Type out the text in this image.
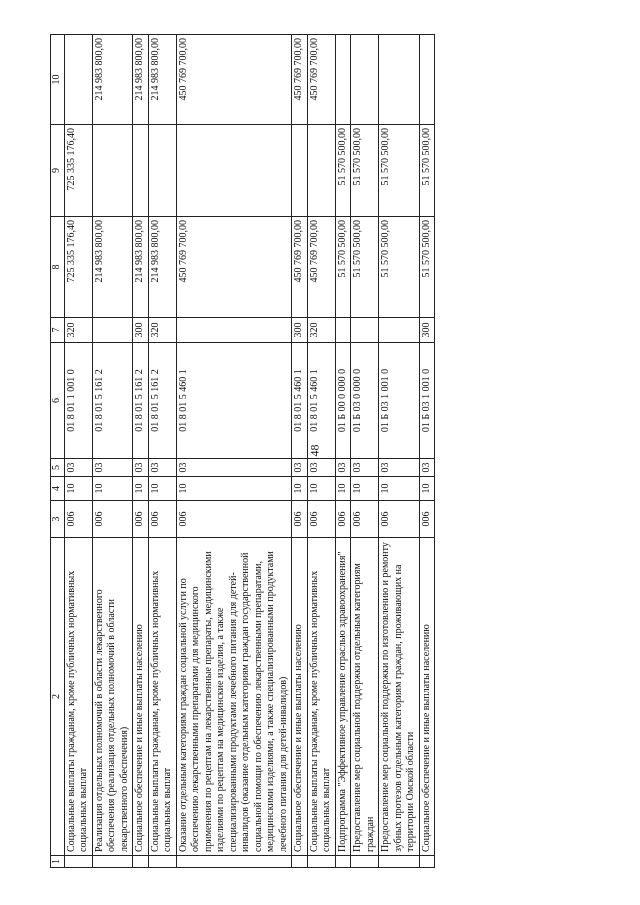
48
1	2	3	4	5	6	7	8	9	10
	Социальные выплаты гражданам, кроме публичных нормативных социальных выплат	006	10	03	01 8 01 1 001 0	320	725 335 176,40	725 335 176,40	
	Реализация отдельных полномочий в области лекарственного обеспечения (реализация отдельных полномочий в области лекарственного обеспечения)	006	10	03	01 8 01 5 161 2		214 983 800,00		214 983 800,00
	Социальное обеспечение и иные выплаты населению	006	10	03	01 8 01 5 161 2	300	214 983 800,00		214 983 800,00
	Социальные выплаты гражданам, кроме публичных нормативных социальных выплат	006	10	03	01 8 01 5 161 2	320	214 983 800,00		214 983 800,00
	Оказание отдельным категориям граждан социальной услуги по обеспечению лекарственными препаратами для медицинского применения по рецептам на лекарственные препараты, медицинскими изделиями по рецептам на медицинские изделия, а также специализированными продуктами лечебного питания для детей-инвалидов (оказание отдельным категориям граждан государственной социальной помощи по обеспечению лекарственными препаратами, медицинскими изделиями, а также специализированными продуктами лечебного питания для детей-инвалидов)	006	10	03	01 8 01 5 460 1		450 769 700,00		450 769 700,00
	Социальное обеспечение и иные выплаты населению	006	10	03	01 8 01 5 460 1	300	450 769 700,00		450 769 700,00
	Социальные выплаты гражданам, кроме публичных нормативных социальных выплат	006	10	03	01 8 01 5 460 1	320	450 769 700,00		450 769 700,00
	Подпрограмма "Эффективное управление отраслью здравоохранения"	006	10	03	01 Б 00 0 000 0		51 570 500,00	51 570 500,00	
	Предоставление мер социальной поддержки отдельным категориям граждан	006	10	03	01 Б 03 0 000 0		51 570 500,00	51 570 500,00	
	Предоставление мер социальной поддержки по изготовлению и ремонту зубных протезов отдельным категориям граждан, проживающих на территории Омской области	006	10	03	01 Б 03 1 001 0		51 570 500,00	51 570 500,00	
	Социальное обеспечение и иные выплаты населению	006	10	03	01 Б 03 1 001 0	300	51 570 500,00	51 570 500,00	
